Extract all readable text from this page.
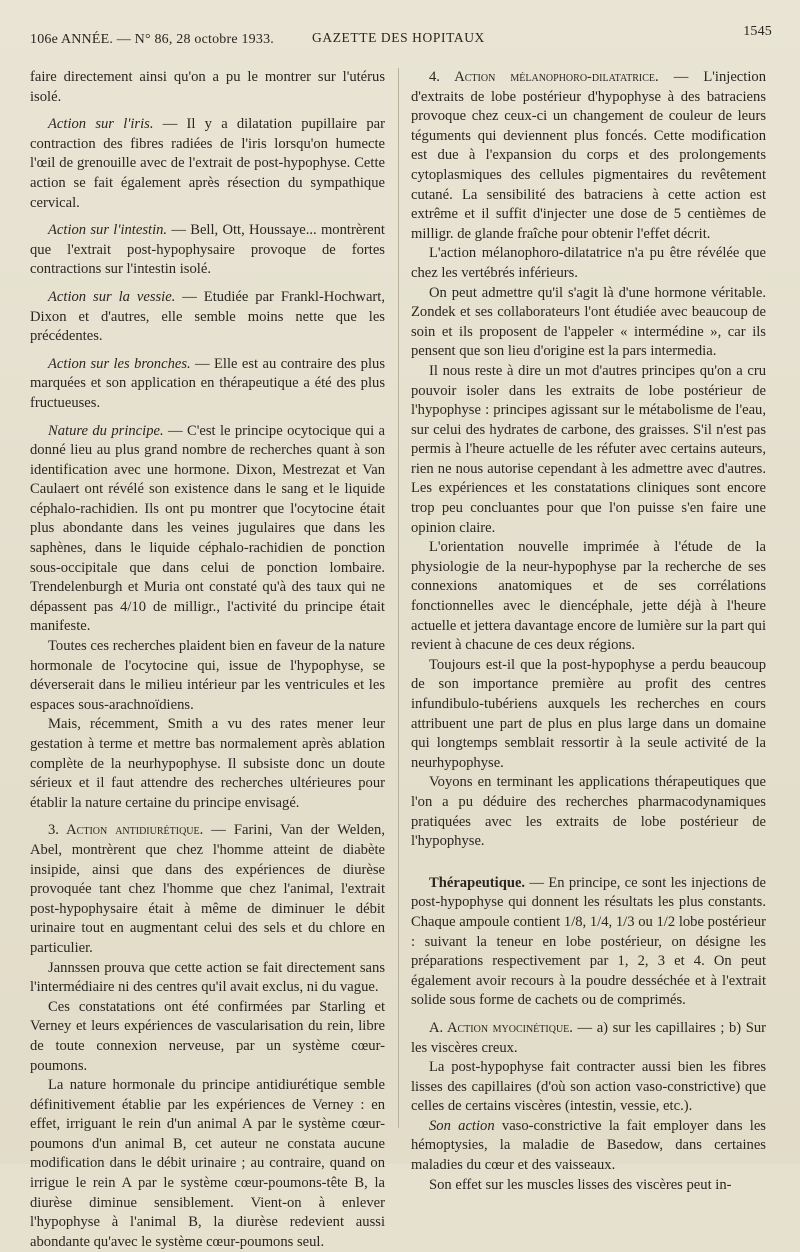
106e ANNÉE. — N° 86, 28 octobre 1933.	GAZETTE DES HOPITAUX	1545

faire directement ainsi qu'on a pu le montrer sur l'utérus isolé.

Action sur l'iris. — Il y a dilatation pupillaire par contraction des fibres radiées de l'iris lorsqu'on humecte l'œil de grenouille avec de l'extrait de post-hypophyse. Cette action se fait également après résection du sympathique cervical.

Action sur l'intestin. — Bell, Ott, Houssaye... montrèrent que l'extrait post-hypophysaire provoque de fortes contractions sur l'intestin isolé.

Action sur la vessie. — Etudiée par Frankl-Hochwart, Dixon et d'autres, elle semble moins nette que les précédentes.

Action sur les bronches. — Elle est au contraire des plus marquées et son application en thérapeutique a été des plus fructueuses.

Nature du principe. — C'est le principe ocytocique qui a donné lieu au plus grand nombre de recherches quant à son identification avec une hormone. Dixon, Mestrezat et Van Caulaert ont révélé son existence dans le sang et le liquide céphalo-rachidien. Ils ont pu montrer que l'ocytocine était plus abondante dans les veines jugulaires que dans les saphènes, dans le liquide céphalo-rachidien de ponction sous-occipitale que dans celui de ponction lombaire. Trendelenburgh et Muria ont constaté qu'à des taux qui ne dépassent pas 4/10 de milligr., l'activité du principe était manifeste.

Toutes ces recherches plaident bien en faveur de la nature hormonale de l'ocytocine qui, issue de l'hypophyse, se déverserait dans le milieu intérieur par les ventricules et les espaces sous-arachnoïdiens.

Mais, récemment, Smith a vu des rates mener leur gestation à terme et mettre bas normalement après ablation complète de la neurhypophyse. Il subsiste donc un doute sérieux et il faut attendre des recherches ultérieures pour établir la nature certaine du principe envisagé.

3. Action antidiurétique. — Farini, Van der Welden, Abel, montrèrent que chez l'homme atteint de diabète insipide, ainsi que dans des expériences de diurèse provoquée tant chez l'homme que chez l'animal, l'extrait post-hypophysaire était à même de diminuer le débit urinaire tout en augmentant celui des sels et du chlore en particulier.

Jannssen prouva que cette action se fait directement sans l'intermédiaire ni des centres qu'il avait exclus, ni du vague.

Ces constatations ont été confirmées par Starling et Verney et leurs expériences de vascularisation du rein, libre de toute connexion nerveuse, par un système cœur-poumons.

La nature hormonale du principe antidiurétique semble définitivement établie par les expériences de Verney : en effet, irriguant le rein d'un animal A par le système cœur-poumons d'un animal B, cet auteur ne constata aucune modification dans le débit urinaire ; au contraire, quand on irrigue le rein A par le système cœur-poumons-tête B, la diurèse diminue sensiblement. Vient-on à enlever l'hypophyse à l'animal B, la diurèse redevient aussi abondante qu'avec le système cœur-poumons seul.

4. Action mélanophoro-dilatatrice. — L'injection d'extraits de lobe postérieur d'hypophyse à des batraciens provoque chez ceux-ci un changement de couleur de leurs téguments qui deviennent plus foncés. Cette modification est due à l'expansion du corps et des prolongements cytoplasmiques des cellules pigmentaires du revêtement cutané. La sensibilité des batraciens à cette action est extrême et il suffit d'injecter une dose de 5 centièmes de milligr. de glande fraîche pour obtenir l'effet décrit.

L'action mélanophoro-dilatatrice n'a pu être révélée que chez les vertébrés inférieurs.

On peut admettre qu'il s'agit là d'une hormone véritable. Zondek et ses collaborateurs l'ont étudiée avec beaucoup de soin et ils proposent de l'appeler « intermédine », car ils pensent que son lieu d'origine est la pars intermedia.

Il nous reste à dire un mot d'autres principes qu'on a cru pouvoir isoler dans les extraits de lobe postérieur de l'hypophyse : principes agissant sur le métabolisme de l'eau, sur celui des hydrates de carbone, des graisses. S'il n'est pas permis à l'heure actuelle de les réfuter avec certains auteurs, rien ne nous autorise cependant à les admettre avec d'autres. Les expériences et les constatations cliniques sont encore trop peu concluantes pour que l'on puisse s'en faire une opinion claire.

L'orientation nouvelle imprimée à l'étude de la physiologie de la neur-hypophyse par la recherche de ses connexions anatomiques et de ses corrélations fonctionnelles avec le diencéphale, jette déjà à l'heure actuelle et jettera davantage encore de lumière sur la part qui revient à chacune de ces deux régions.

Toujours est-il que la post-hypophyse a perdu beaucoup de son importance première au profit des centres infundibulo-tubériens auxquels les recherches en cours attribuent une part de plus en plus large dans un domaine qui longtemps semblait ressortir à la seule activité de la neurhypophyse.

Voyons en terminant les applications thérapeutiques que l'on a pu déduire des recherches pharmacodynamiques pratiquées avec les extraits de lobe postérieur de l'hypophyse.

Thérapeutique. — En principe, ce sont les injections de post-hypophyse qui donnent les résultats les plus constants. Chaque ampoule contient 1/8, 1/4, 1/3 ou 1/2 lobe postérieur : suivant la teneur en lobe postérieur, on désigne les préparations respectivement par 1, 2, 3 et 4. On peut également avoir recours à la poudre desséchée et à l'extrait solide sous forme de cachets ou de comprimés.

A. Action myocinétique. — a) sur les capillaires ; b) Sur les viscères creux.

La post-hypophyse fait contracter aussi bien les fibres lisses des capillaires (d'où son action vaso-constrictive) que celles de certains viscères (intestin, vessie, etc.).

Son action vaso-constrictive la fait employer dans les hémoptysies, la maladie de Basedow, dans certaines maladies du cœur et des vaisseaux.

Son effet sur les muscles lisses des viscères peut in-
